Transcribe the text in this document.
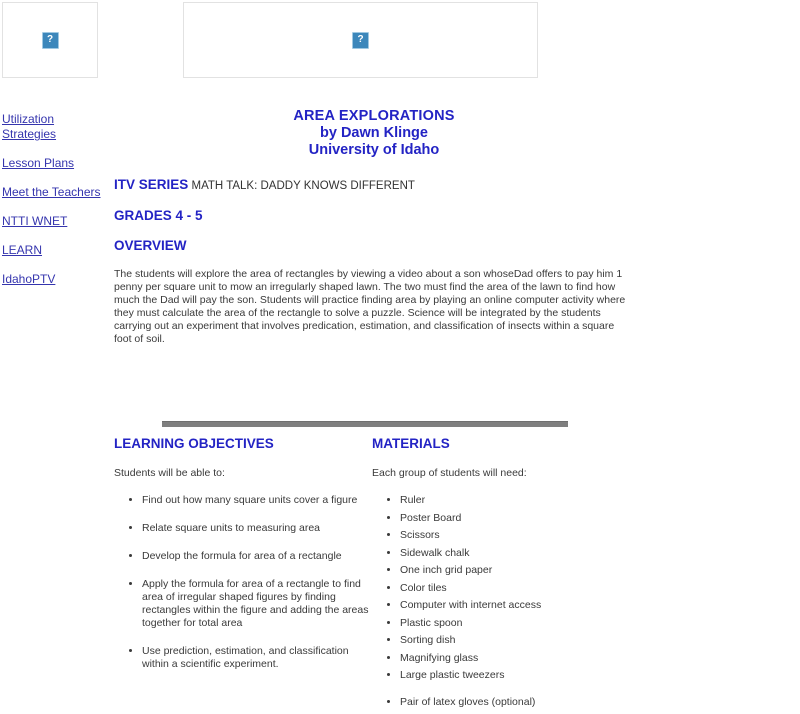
?
?
Utilization Strategies
Lesson Plans
Meet the Teachers
NTTI WNET
LEARN
IdahoPTV
AREA EXPLORATIONS
by Dawn Klinge
University of Idaho
ITV SERIES MATH TALK: DADDY KNOWS DIFFERENT
GRADES 4 - 5
OVERVIEW

The students will explore the area of rectangles by viewing a video about a son whoseDad offers to pay him 1 penny per square unit to mow an irregularly shaped lawn. The two must find the area of the lawn to find how much the Dad will pay the son. Students will practice finding area by playing an online computer activity where they must calculate the area of the rectangle to solve a puzzle. Science will be integrated by the students carrying out an experiment that involves predication, estimation, and classification of insects within a square foot of soil.

LEARNING OBJECTIVES

Students will be able to:

• Find out how many square units cover a figure
• Relate square units to measuring area
• Develop the formula for area of a rectangle
• Apply the formula for area of a rectangle to find area of irregular shaped figures by finding rectangles within the figure and adding the areas together for total area
• Use prediction, estimation, and classification within a scientific experiment.
MATERIALS

Each group of students will need:

• Ruler
• Poster Board
• Scissors
• Sidewalk chalk
• One inch grid paper
• Color tiles
• Computer with internet access
• Plastic spoon
• Sorting dish
• Magnifying glass
• Large plastic tweezers
• Pair of latex gloves (optional)
